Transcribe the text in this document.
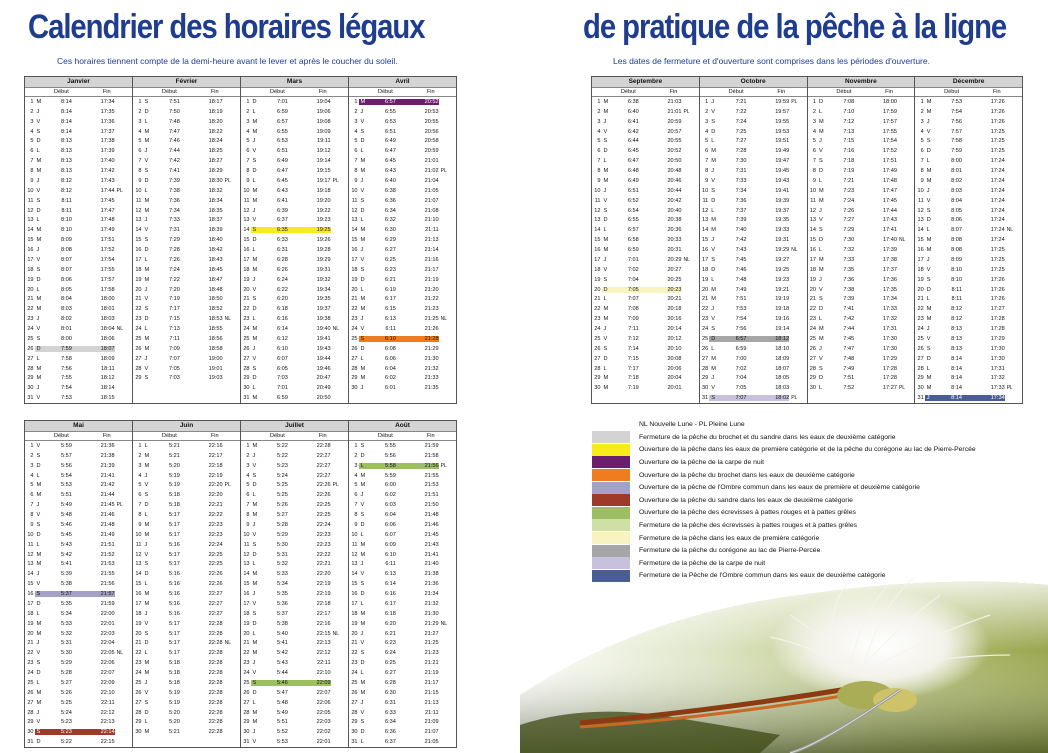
Calendrier des horaires légaux	de pratique de la pêche à la ligne
Ces horaires tiennent compte de la demi-heure avant le lever et après le coucher du soleil.	Les dates de fermeture et d'ouverture sont comprises dans les périodes d'ouverture.
Janvier
Début	Fin
1 M	8:14	17:34
2 J	8:14	17:35
3 V	8:14	17:36
4 S	8:14	17:37
5 D	8:13	17:38
6 L	8:13	17:39
7 M	8:13	17:40
8 M	8:13	17:42
9 J	8:12	17:43
10 V	8:12	17:44 PL
11 S	8:11	17:45
12 D	8:11	17:47
13 L	8:10	17:48
14 M	8:10	17:49
15 M	8:09	17:51
16 J	8:08	17:52
17 V	8:07	17:54
18 S	8:07	17:55
19 D	8:06	17:57
20 L	8:05	17:58
21 M	8:04	18:00
22 M	8:03	18:01
23 J	8:02	18:03
24 V	8:01	18:04 NL
25 S	8:00	18:06
26 D	7:59	18:07
27 L	7:58	18:09
28 M	7:56	18:11
29 M	7:55	18:12
30 J	7:54	18:14
31 V	7:53	18:15
Février
Début	Fin
1 S	7:51	18:17
2 D	7:50	18:19
3 L	7:48	18:20
4 M	7:47	18:22
5 M	7:46	18:24
6 J	7:44	18:25
7 V	7:42	18:27
8 S	7:41	18:29
9 D	7:39	18:30 PL
10 L	7:38	18:32
11 M	7:36	18:34
12 M	7:34	18:35
13 J	7:33	18:37
14 V	7:31	18:39
15 S	7:29	18:40
16 D	7:28	18:42
17 L	7:26	18:43
18 M	7:24	18:45
19 M	7:22	18:47
20 J	7:20	18:48
21 V	7:19	18:50
22 S	7:17	18:52
23 D	7:15	18:53 NL
24 L	7:13	18:55
25 M	7:11	18:56
26 M	7:09	18:58
27 J	7:07	19:00
28 V	7:05	19:01
29 S	7:03	19:03
Mars
Début	Fin
1 D	7:01	19:04
2 L	6:59	19:06
3 M	6:57	19:08
4 M	6:55	19:09
5 J	6:53	19:11
6 V	6:51	19:12
7 S	6:49	19:14
8 D	6:47	19:15
9 L	6:45	19:17 PL
10 M	6:43	19:18
11 M	6:41	19:20
12 J	6:39	19:22
13 V	6:37	19:23
14 S	6:35	19:25
15 D	6:33	19:26
16 L	6:31	19:28
17 M	6:28	19:29
18 M	6:26	19:31
19 J	6:24	19:32
20 V	6:22	19:34
21 S	6:20	19:35
22 D	6:18	19:37
23 L	6:16	19:38
24 M	6:14	19:40 NL
25 M	6:12	19:41
26 J	6:10	19:43
27 V	6:07	19:44
28 S	6:05	19:46
29 D	7:03	20:47
30 L	7:01	20:49
31 M	6:59	20:50
Avril
Début	Fin
1 M	6:57	20:52
2 J	6:55	20:53
3 V	6:53	20:55
4 S	6:51	20:56
5 D	6:49	20:58
6 L	6:47	20:59
7 M	6:45	21:01
8 M	6:43	21:02 PL
9 J	6:40	21:04
10 V	6:38	21:05
11 S	6:36	21:07
12 D	6:34	21:08
13 L	6:32	21:10
14 M	6:30	21:11
15 M	6:29	21:13
16 J	6:27	21:14
17 V	6:25	21:16
18 S	6:23	21:17
19 D	6:21	21:19
20 L	6:19	21:20
21 M	6:17	21:22
22 M	6:15	21:23
23 J	6:13	21:25 NL
24 V	6:11	21:26
25 S	6:10	21:28
26 D	6:08	21:29
27 L	6:06	21:30
28 M	6:04	21:32
29 M	6:02	21:33
30 J	6:01	21:35
Septembre
Début	Fin
1 M	6:38	21:03
2 M	6:40	21:01 PL
3 J	6:41	20:59
4 V	6:42	20:57
5 S	6:44	20:55
6 D	6:45	20:52
7 L	6:47	20:50
8 M	6:48	20:48
9 M	6:49	20:46
10 J	6:51	20:44
11 V	6:52	20:42
12 S	6:54	20:40
13 D	6:55	20:38
14 L	6:57	20:36
15 M	6:58	20:33
16 M	6:59	20:31
17 J	7:01	20:29 NL
18 V	7:02	20:27
19 S	7:04	20:25
20 D	7:05	20:23
21 L	7:07	20:21
22 M	7:08	20:18
23 M	7:09	20:16
24 J	7:11	20:14
25 V	7:12	20:12
26 S	7:14	20:10
27 D	7:15	20:08
28 L	7:17	20:06
29 M	7:18	20:04
30 M	7:19	20:01
Octobre
Début	Fin
1 J	7:21	19:59 PL
2 V	7:22	19:57
3 S	7:24	19:55
4 D	7:25	19:53
5 L	7:27	19:51
6 M	7:28	19:49
7 M	7:30	19:47
8 J	7:31	19:45
9 V	7:33	19:43
10 S	7:34	19:41
11 D	7:36	19:39
12 L	7:37	19:37
13 M	7:39	19:35
14 M	7:40	19:33
15 J	7:42	19:31
16 V	7:43	19:29 NL
17 S	7:45	19:27
18 D	7:46	19:25
19 L	7:48	19:23
20 M	7:49	19:21
21 M	7:51	19:19
22 J	7:53	19:18
23 V	7:54	19:16
24 S	7:56	19:14
25 D	6:57	18:12
26 L	6:59	18:10
27 M	7:00	18:09
28 M	7:02	18:07
29 J	7:04	18:05
30 V	7:05	18:03
31 S	7:07	18:02 PL
Novembre
Début	Fin
1 D	7:08	18:00
2 L	7:10	17:59
3 M	7:12	17:57
4 M	7:13	17:55
5 J	7:15	17:54
6 V	7:16	17:52
7 S	7:18	17:51
8 D	7:19	17:49
9 L	7:21	17:48
10 M	7:23	17:47
11 M	7:24	17:45
12 J	7:26	17:44
13 V	7:27	17:43
14 S	7:29	17:41
15 D	7:30	17:40 NL
16 L	7:32	17:39
17 M	7:33	17:38
18 M	7:35	17:37
19 J	7:36	17:36
20 V	7:38	17:35
21 S	7:39	17:34
22 D	7:41	17:33
23 L	7:42	17:32
24 M	7:44	17:31
25 M	7:45	17:30
26 J	7:47	17:30
27 V	7:48	17:29
28 S	7:49	17:28
29 D	7:51	17:28
30 L	7:52	17:27 PL
Décembre
Début	Fin
1 M	7:53	17:26
2 M	7:54	17:26
3 J	7:56	17:26
4 V	7:57	17:25
5 S	7:58	17:25
6 D	7:59	17:25
7 L	8:00	17:24
8 M	8:01	17:24
9 M	8:02	17:24
10 J	8:03	17:24
11 V	8:04	17:24
12 S	8:05	17:24
13 D	8:06	17:24
14 L	8:07	17:24 NL
15 M	8:08	17:24
16 M	8:08	17:25
17 J	8:09	17:25
18 V	8:10	17:25
19 S	8:10	17:26
20 D	8:11	17:26
21 L	8:11	17:26
22 M	8:12	17:27
23 M	8:12	17:28
24 J	8:13	17:28
25 V	8:13	17:29
26 S	8:13	17:30
27 D	8:14	17:30
28 L	8:14	17:31
29 M	8:14	17:32
30 M	8:14	17:33 PL
31 J	8:14	17:34
Mai
Début	Fin
1 V	5:59	21:36
2 S	5:57	21:38
3 D	5:56	21:39
4 L	5:54	21:41
5 M	5:53	21:42
6 M	5:51	21:44
7 J	5:49	21:45 PL
8 V	5:48	21:46
9 S	5:46	21:48
10 D	5:45	21:49
11 L	5:43	21:51
12 M	5:42	21:52
13 M	5:41	21:53
14 J	5:39	21:55
15 V	5:38	21:56
16 S	5:37	21:57
17 D	5:35	21:59
18 L	5:34	22:00
19 M	5:33	22:01
20 M	5:32	22:03
21 J	5:31	22:04
22 V	5:30	22:05 NL
23 S	5:29	22:06
24 D	5:28	22:07
25 L	5:27	22:09
26 M	5:26	22:10
27 M	5:25	22:11
28 J	5:24	22:12
29 V	5:23	22:13
30 S	5:23	22:14
31 D	5:22	22:15
Juin
Début	Fin
1 L	5:21	22:16
2 M	5:21	22:17
3 M	5:20	22:18
4 J	5:19	22:19
5 V	5:19	22:20 PL
6 S	5:18	22:20
7 D	5:18	22:21
8 L	5:17	22:22
9 M	5:17	22:23
10 M	5:17	22:23
11 J	5:16	22:24
12 V	5:17	22:25
13 S	5:17	22:25
14 D	5:16	22:26
15 L	5:16	22:26
16 M	5:16	22:27
17 M	5:16	22:27
18 J	5:16	22:27
19 V	5:17	22:28
20 S	5:17	22:28
21 D	5:17	22:28 NL
22 L	5:17	22:28
23 M	5:18	22:28
24 M	5:18	22:28
25 J	5:18	22:28
26 V	5:19	22:28
27 S	5:19	22:28
28 D	5:20	22:28
29 L	5:20	22:28
30 M	5:21	22:28
Juillet
Début	Fin
1 M	5:22	22:28
2 J	5:22	22:27
3 V	5:23	22:27
4 S	5:24	22:27
5 D	5:25	22:26 PL
6 L	5:25	22:26
7 M	5:26	22:25
8 M	5:27	22:25
9 J	5:28	22:24
10 V	5:29	22:23
11 S	5:30	22:23
12 D	5:31	22:22
13 L	5:32	22:21
14 M	5:33	22:20
15 M	5:34	22:19
16 J	5:35	22:19
17 V	5:36	22:18
18 S	5:37	22:17
19 D	5:38	22:16
20 L	5:40	22:15 NL
21 M	5:41	22:13
22 M	5:42	22:12
23 J	5:43	22:11
24 V	5:44	22:10
25 S	5:46	22:09
26 D	5:47	22:07
27 L	5:48	22:06
28 M	5:49	22:05
29 M	5:51	22:03
30 J	5:52	22:02
31 V	5:53	22:01
Août
Début	Fin
1 S	5:55	21:59
2 D	5:56	21:58
3 L	5:58	21:56 PL
4 M	5:59	21:55
5 M	6:00	21:53
6 J	6:02	21:51
7 V	6:03	21:50
8 S	6:04	21:48
9 D	6:06	21:46
10 L	6:07	21:45
11 M	6:09	21:43
12 M	6:10	21:41
13 J	6:11	21:40
14 V	6:13	21:38
15 S	6:14	21:36
16 D	6:16	21:34
17 L	6:17	21:32
18 M	6:18	21:30
19 M	6:20	21:29 NL
20 J	6:21	21:27
21 V	6:23	21:25
22 S	6:24	21:23
23 D	6:25	21:21
24 L	6:27	21:19
25 M	6:28	21:17
26 M	6:30	21:15
27 J	6:31	21:13
28 V	6:33	21:11
29 S	6:34	21:09
30 D	6:36	21:07
31 L	6:37	21:05
NL Nouvelle Lune - PL Pleine Lune
Fermeture de la pêche du brochet et du sandre dans les eaux de deuxième catégorie
Ouverture de la pêche dans les eaux de première catégorie et de la pêche du corégone au lac de Pierre-Percée
Ouverture de la pêche de la carpe de nuit
Ouverture de la pêche du brochet dans les eaux de deuxième catégorie
Ouverture de la pêche de l'Ombre commun dans les eaux de première et deuxième catégorie
Ouverture de la pêche du sandre dans les eaux de deuxième catégorie
Ouverture de la pêche des écrevisses à pattes rouges et à pattes grêles
Fermeture de la pêche des écrevisses à pattes rouges et à pattes grêles
Fermeture de la pêche dans les eaux de première catégorie
Fermeture de la pêche du corégone au lac de Pierre-Percée
Fermeture de la pêche de la carpe de nuit
Fermeture de la Pêche de l'Ombre commun dans les eaux de deuxième catégorie
